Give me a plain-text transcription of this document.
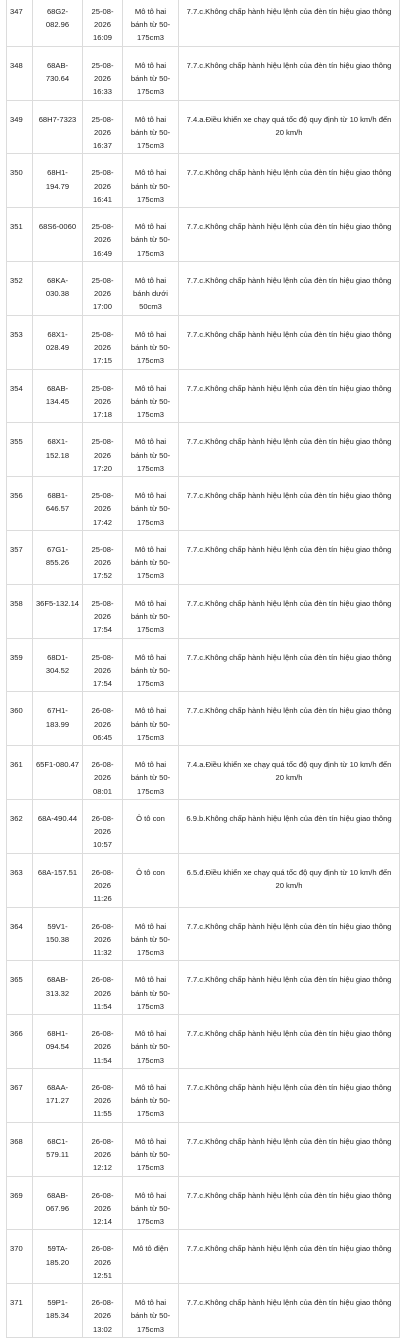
347	68G2-
082.96	25-08-
2026
16:09	Mô tô hai
bánh từ 50-
175cm3	7.7.c.Không chấp hành hiệu lệnh của đèn tín hiệu giao thông
348	68AB-
730.64	25-08-
2026
16:33	Mô tô hai
bánh từ 50-
175cm3	7.7.c.Không chấp hành hiệu lệnh của đèn tín hiệu giao thông
349	68H7-7323	25-08-
2026
16:37	Mô tô hai
bánh từ 50-
175cm3	7.4.a.Điều khiển xe chạy quá tốc độ quy định từ 10 km/h đến 20 km/h
350	68H1-
194.79	25-08-
2026
16:41	Mô tô hai
bánh từ 50-
175cm3	7.7.c.Không chấp hành hiệu lệnh của đèn tín hiệu giao thông
351	68S6-0060	25-08-
2026
16:49	Mô tô hai
bánh từ 50-
175cm3	7.7.c.Không chấp hành hiệu lệnh của đèn tín hiệu giao thông
352	68KA-
030.38	25-08-
2026
17:00	Mô tô hai
bánh dưới
50cm3	7.7.c.Không chấp hành hiệu lệnh của đèn tín hiệu giao thông
353	68X1-
028.49	25-08-
2026
17:15	Mô tô hai
bánh từ 50-
175cm3	7.7.c.Không chấp hành hiệu lệnh của đèn tín hiệu giao thông
354	68AB-
134.45	25-08-
2026
17:18	Mô tô hai
bánh từ 50-
175cm3	7.7.c.Không chấp hành hiệu lệnh của đèn tín hiệu giao thông
355	68X1-
152.18	25-08-
2026
17:20	Mô tô hai
bánh từ 50-
175cm3	7.7.c.Không chấp hành hiệu lệnh của đèn tín hiệu giao thông
356	68B1-
646.57	25-08-
2026
17:42	Mô tô hai
bánh từ 50-
175cm3	7.7.c.Không chấp hành hiệu lệnh của đèn tín hiệu giao thông
357	67G1-
855.26	25-08-
2026
17:52	Mô tô hai
bánh từ 50-
175cm3	7.7.c.Không chấp hành hiệu lệnh của đèn tín hiệu giao thông
358	36F5-132.14	25-08-
2026
17:54	Mô tô hai
bánh từ 50-
175cm3	7.7.c.Không chấp hành hiệu lệnh của đèn tín hiệu giao thông
359	68D1-
304.52	25-08-
2026
17:54	Mô tô hai
bánh từ 50-
175cm3	7.7.c.Không chấp hành hiệu lệnh của đèn tín hiệu giao thông
360	67H1-
183.99	26-08-
2026
06:45	Mô tô hai
bánh từ 50-
175cm3	7.7.c.Không chấp hành hiệu lệnh của đèn tín hiệu giao thông
361	65F1-080.47	26-08-
2026
08:01	Mô tô hai
bánh từ 50-
175cm3	7.4.a.Điều khiển xe chạy quá tốc độ quy định từ 10 km/h đến 20 km/h
362	68A-490.44	26-08-
2026
10:57	Ô tô con	6.9.b.Không chấp hành hiệu lệnh của đèn tín hiệu giao thông
363	68A-157.51	26-08-
2026
11:26	Ô tô con	6.5.đ.Điều khiển xe chạy quá tốc độ quy định từ 10 km/h đến 20 km/h
364	59V1-
150.38	26-08-
2026
11:32	Mô tô hai
bánh từ 50-
175cm3	7.7.c.Không chấp hành hiệu lệnh của đèn tín hiệu giao thông
365	68AB-
313.32	26-08-
2026
11:54	Mô tô hai
bánh từ 50-
175cm3	7.7.c.Không chấp hành hiệu lệnh của đèn tín hiệu giao thông
366	68H1-
094.54	26-08-
2026
11:54	Mô tô hai
bánh từ 50-
175cm3	7.7.c.Không chấp hành hiệu lệnh của đèn tín hiệu giao thông
367	68AA-
171.27	26-08-
2026
11:55	Mô tô hai
bánh từ 50-
175cm3	7.7.c.Không chấp hành hiệu lệnh của đèn tín hiệu giao thông
368	68C1-
579.11	26-08-
2026
12:12	Mô tô hai
bánh từ 50-
175cm3	7.7.c.Không chấp hành hiệu lệnh của đèn tín hiệu giao thông
369	68AB-
067.96	26-08-
2026
12:14	Mô tô hai
bánh từ 50-
175cm3	7.7.c.Không chấp hành hiệu lệnh của đèn tín hiệu giao thông
370	59TA-
185.20	26-08-
2026
12:51	Mô tô điện	7.7.c.Không chấp hành hiệu lệnh của đèn tín hiệu giao thông
371	59P1-
185.34	26-08-
2026
13:02	Mô tô hai
bánh từ 50-
175cm3	7.7.c.Không chấp hành hiệu lệnh của đèn tín hiệu giao thông
